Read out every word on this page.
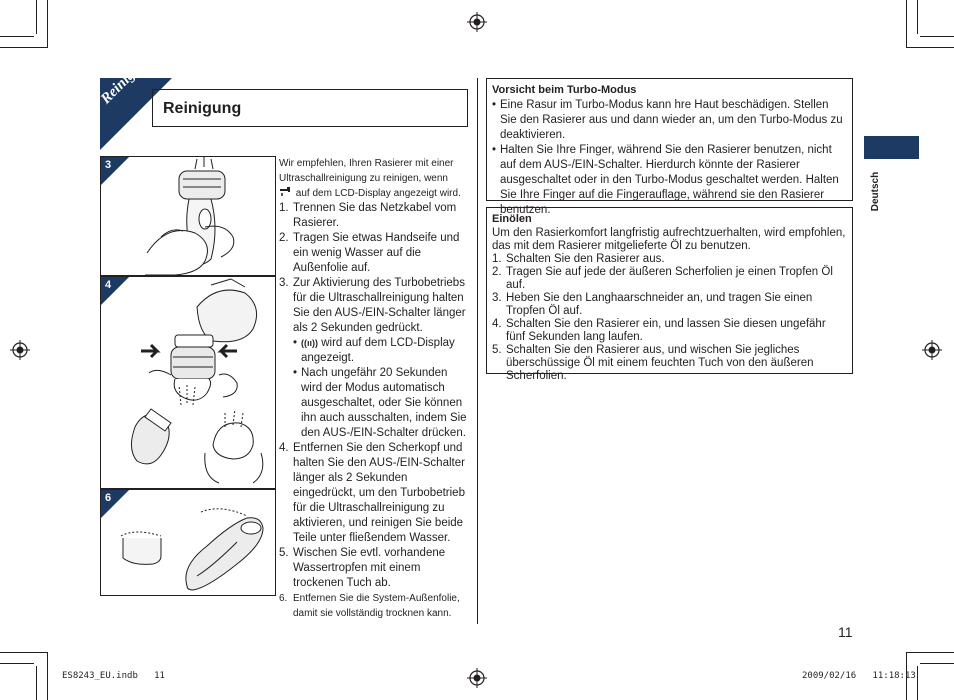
Reinigung
Reinigung
3
4
6
Wir empfehlen, Ihren Rasierer mit einer Ultraschallreinigung zu reinigen, wenn
auf dem LCD-Display angezeigt wird.
1. Trennen Sie das Netzkabel vom Rasierer.
2. Tragen Sie etwas Handseife und ein wenig Wasser auf die Außenfolie auf.
3. Zur Aktivierung des Turbobetriebs für die Ultraschallreinigung halten Sie den AUS-/EIN-Schalter länger als 2 Sekunden gedrückt.
• ((ıı)) wird auf dem LCD-Display angezeigt.
• Nach ungefähr 20 Sekunden wird der Modus automatisch ausgeschaltet, oder Sie können ihn auch ausschalten, indem Sie den AUS-/EIN-Schalter drücken.
4. Entfernen Sie den Scherkopf und halten Sie den AUS-/EIN-Schalter länger als 2 Sekunden eingedrückt, um den Turbobetrieb für die Ultraschallreinigung zu aktivieren, und reinigen Sie beide Teile unter fließendem Wasser.
5. Wischen Sie evtl. vorhandene Wassertropfen mit einem trockenen Tuch ab.
6. Entfernen Sie die System-Außenfolie, damit sie vollständig trocknen kann.
Vorsicht beim Turbo-Modus
• Eine Rasur im Turbo-Modus kann hre Haut beschädigen. Stellen Sie den Rasierer aus und dann wieder an, um den Turbo-Modus zu deaktivieren.
• Halten Sie Ihre Finger, während Sie den Rasierer benutzen, nicht auf dem AUS-/EIN-Schalter. Hierdurch könnte der Rasierer ausgeschaltet oder in den Turbo-Modus geschaltet werden. Halten Sie Ihre Finger auf die Fingerauflage, während sie den Rasierer benutzen.
Einölen
Um den Rasierkomfort langfristig aufrechtzuerhalten, wird empfohlen, das mit dem Rasierer mitgelieferte Öl zu benutzen.
1. Schalten Sie den Rasierer aus.
2. Tragen Sie auf jede der äußeren Scherfolien je einen Tropfen Öl auf.
3. Heben Sie den Langhaarschneider an, und tragen Sie einen Tropfen Öl auf.
4. Schalten Sie den Rasierer ein, und lassen Sie diesen ungefähr fünf Sekunden lang laufen.
5. Schalten Sie den Rasierer aus, und wischen Sie jegliches überschüssige Öl mit einem feuchten Tuch von den äußeren Scherfolien.
Deutsch
11
ES8243_EU.indb   11	2009/02/16   11:18:13
